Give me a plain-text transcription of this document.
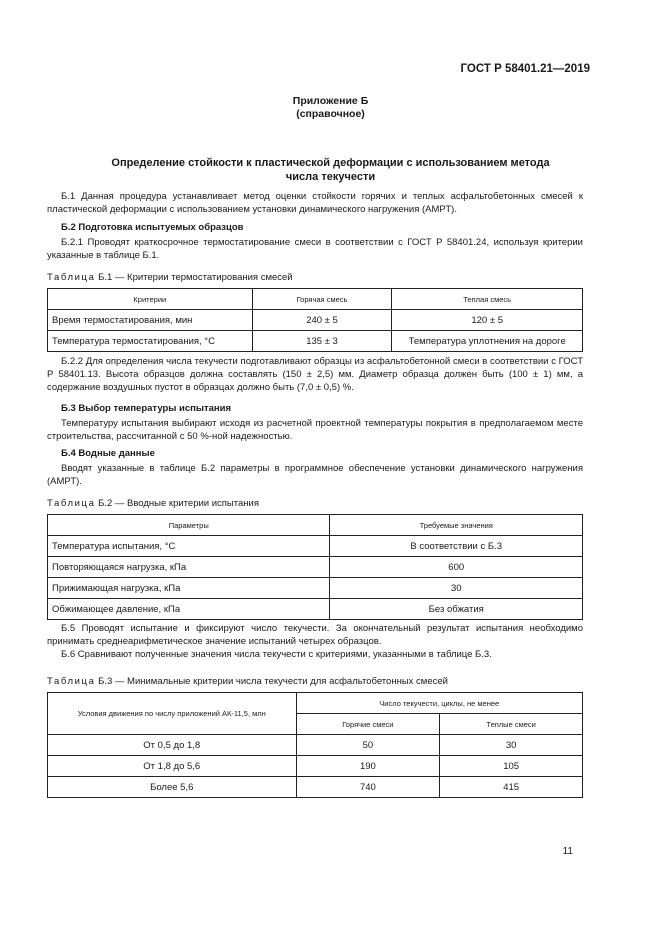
ГОСТ Р 58401.21—2019
Приложение Б
(справочное)
Определение стойкости к пластической деформации с использованием метода
числа текучести

Б.1 Данная процедура устанавливает метод оценки стойкости горячих и теплых асфальтобетонных смесей к пластической деформации с использованием установки динамического нагружения (АМРТ).

Б.2 Подготовка испытуемых образцов

Б.2.1 Проводят краткосрочное термостатирование смеси в соответствии с ГОСТ Р 58401.24, используя критерии указанные в таблице Б.1.

Таблица Б.1 — Критерии термостатирования смесей
Критерии	Горячая смесь	Теплая смесь
Время термостатирования, мин	240 ± 5	120 ± 5
Температура термостатирования, °С	135 ± 3	Температура уплотнения на дороге

Б.2.2 Для определения числа текучести подготавливают образцы из асфальтобетонной смеси в соответствии с ГОСТ Р 58401.13. Высота образцов должна составлять (150 ± 2,5) мм. Диаметр образца должен быть (100 ± 1) мм, а содержание воздушных пустот в образцах должно быть (7,0 ± 0,5) %.

Б.3 Выбор температуры испытания

Температуру испытания выбирают исходя из расчетной проектной температуры покрытия в предполагаемом месте строительства, рассчитанной с 50 %-ной надежностью.

Б.4 Водные данные

Вводят указанные в таблице Б.2 параметры в программное обеспечение установки динамического нагружения (АМРТ).

Таблица Б.2 — Вводные критерии испытания
Параметры	Требуемые значения
Температура испытания, °С	В соответствии с Б.3
Повторяющаяся нагрузка, кПа	600
Прижимающая нагрузка, кПа	30
Обжимающее давление, кПа	Без обжатия

Б.5 Проводят испытание и фиксируют число текучести. За окончательный результат испытания необходимо принимать среднеарифметическое значение испытаний четырех образцов.

Б.6 Сравнивают полученные значения числа текучести с критериями, указанными в таблице Б.3.

Таблица Б.3 — Минимальные критерии числа текучести для асфальтобетонных смесей
Условия движения по числу приложений АК-11,5, млн	Число текучести, циклы, не менее	
	Горячие смеси	Теплые смеси
От 0,5 до 1,8	50	30
От 1,8 до 5,6	190	105
Более 5,6	740	415
11
